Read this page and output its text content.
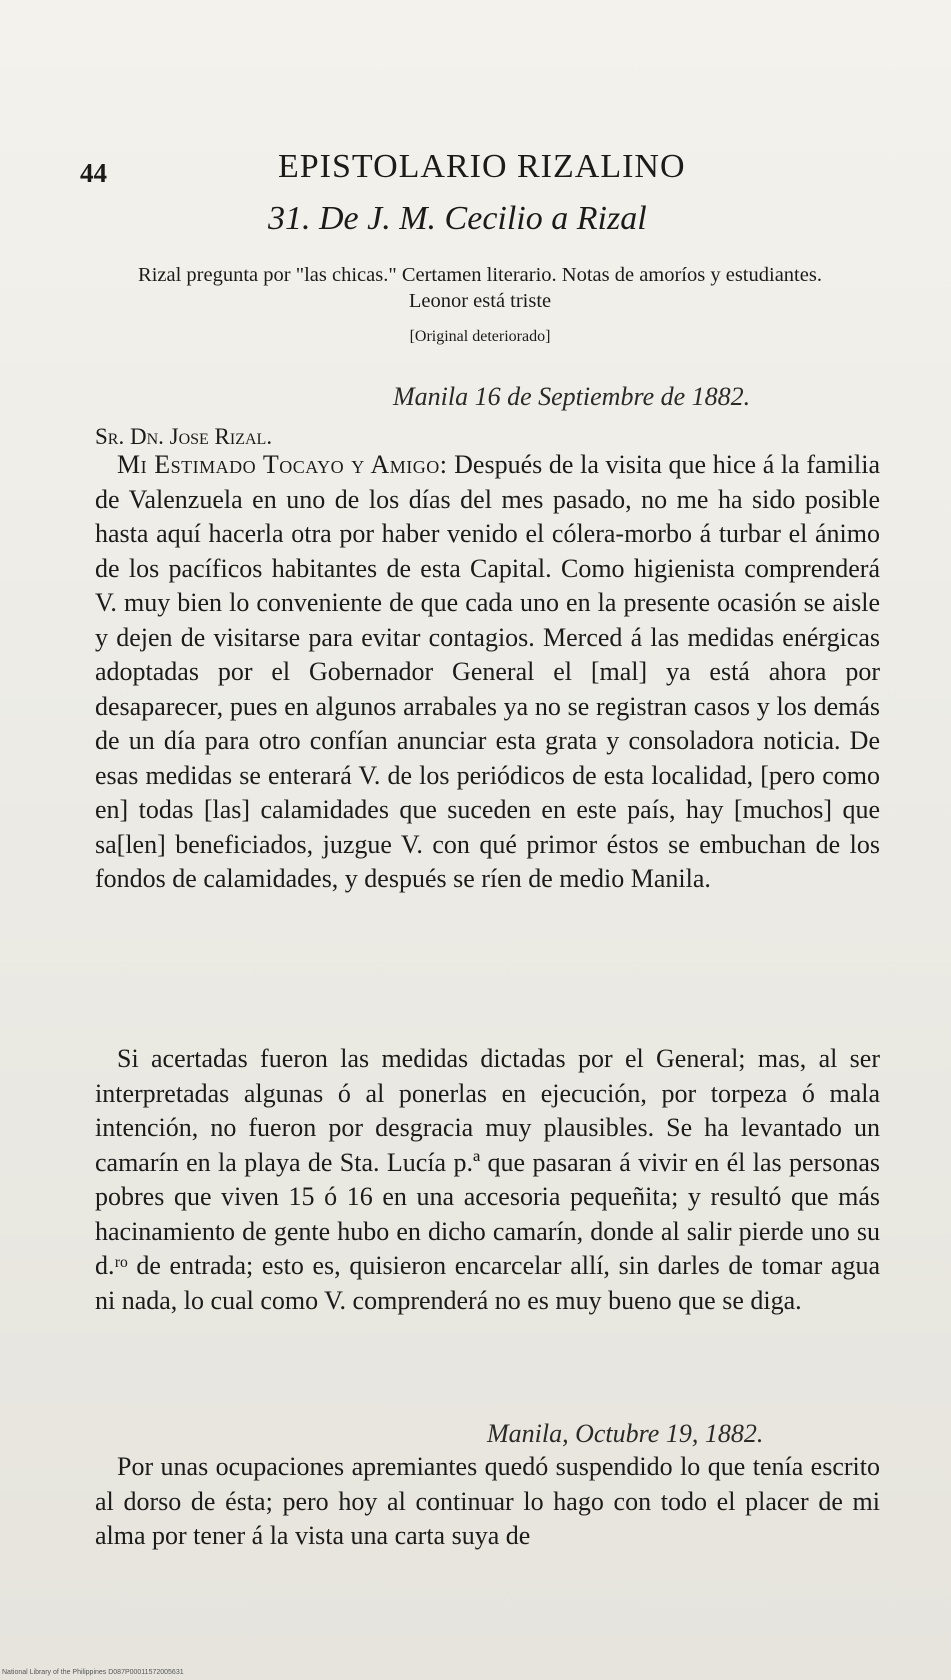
44	EPISTOLARIO RIZALINO
31. De J. M. Cecilio a Rizal
Rizal pregunta por "las chicas." Certamen literario. Notas de amoríos y estudiantes. Leonor está triste
[Original deteriorado]
Manila 16 de Septiembre de 1882.
Sr. Dn. Jose Rizal.
Mi Estimado Tocayo y Amigo: Después de la visita que hice á la familia de Valenzuela en uno de los días del mes pasado, no me ha sido posible hasta aquí hacerla otra por haber venido el cólera-morbo á turbar el ánimo de los pacíficos habitantes de esta Capital. Como higienista comprenderá V. muy bien lo conveniente de que cada uno en la presente ocasión se aisle y dejen de visitarse para evitar contagios. Merced á las medidas enérgicas adoptadas por el Gobernador General el [mal] ya está ahora por desaparecer, pues en algunos arrabales ya no se registran casos y los demás de un día para otro confían anunciar esta grata y consoladora noticia. De esas medidas se enterará V. de los periódicos de esta localidad, [pero como en] todas [las] calamidades que suceden en este país, hay [muchos] que sa[len] beneficiados, juzgue V. con qué primor éstos se embuchan de los fondos de calamidades, y después se ríen de medio Manila.
Si acertadas fueron las medidas dictadas por el General; mas, al ser interpretadas algunas ó al ponerlas en ejecución, por torpeza ó mala intención, no fueron por desgracia muy plausibles. Se ha levantado un camarín en la playa de Sta. Lucía p.ª que pasaran á vivir en él las personas pobres que viven 15 ó 16 en una accesoria pequeñita; y resultó que más hacinamiento de gente hubo en dicho camarín, donde al salir pierde uno su d.ʳᵒ de entrada; esto es, quisieron encarcelar allí, sin darles de tomar agua ni nada, lo cual como V. comprenderá no es muy bueno que se diga.
Manila, Octubre 19, 1882.
Por unas ocupaciones apremiantes quedó suspendido lo que tenía escrito al dorso de ésta; pero hoy al continuar lo hago con todo el placer de mi alma por tener á la vista una carta suya de
National Library of the Philippines D087P00011572005631
